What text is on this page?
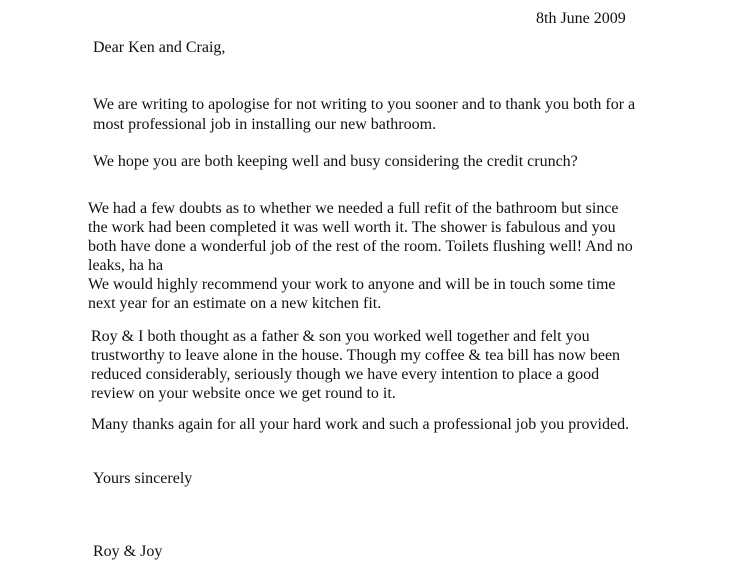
8th June 2009

Dear Ken and Craig,

We are writing to apologise for not writing to you sooner and to thank you both for a

most professional job in installing our new bathroom.

We hope you are both keeping well and busy considering the credit crunch?

We had a few doubts as to whether we needed a full refit of the bathroom but since

the work had been completed it was well worth it. The shower is fabulous and you

both have done a wonderful job of the rest of the room. Toilets flushing well! And no

leaks, ha ha

We would highly recommend your work to anyone and will be in touch some time

next year for an estimate on a new kitchen fit.

Roy & I both thought as a father & son you worked well together and felt you

trustworthy to leave alone in the house. Though my coffee & tea bill has now been

reduced considerably, seriously though we have every intention to place a good

review on your website once we get round to it.

Many thanks again for all your hard work and such a professional job you provided.

Yours sincerely

Roy & Joy
